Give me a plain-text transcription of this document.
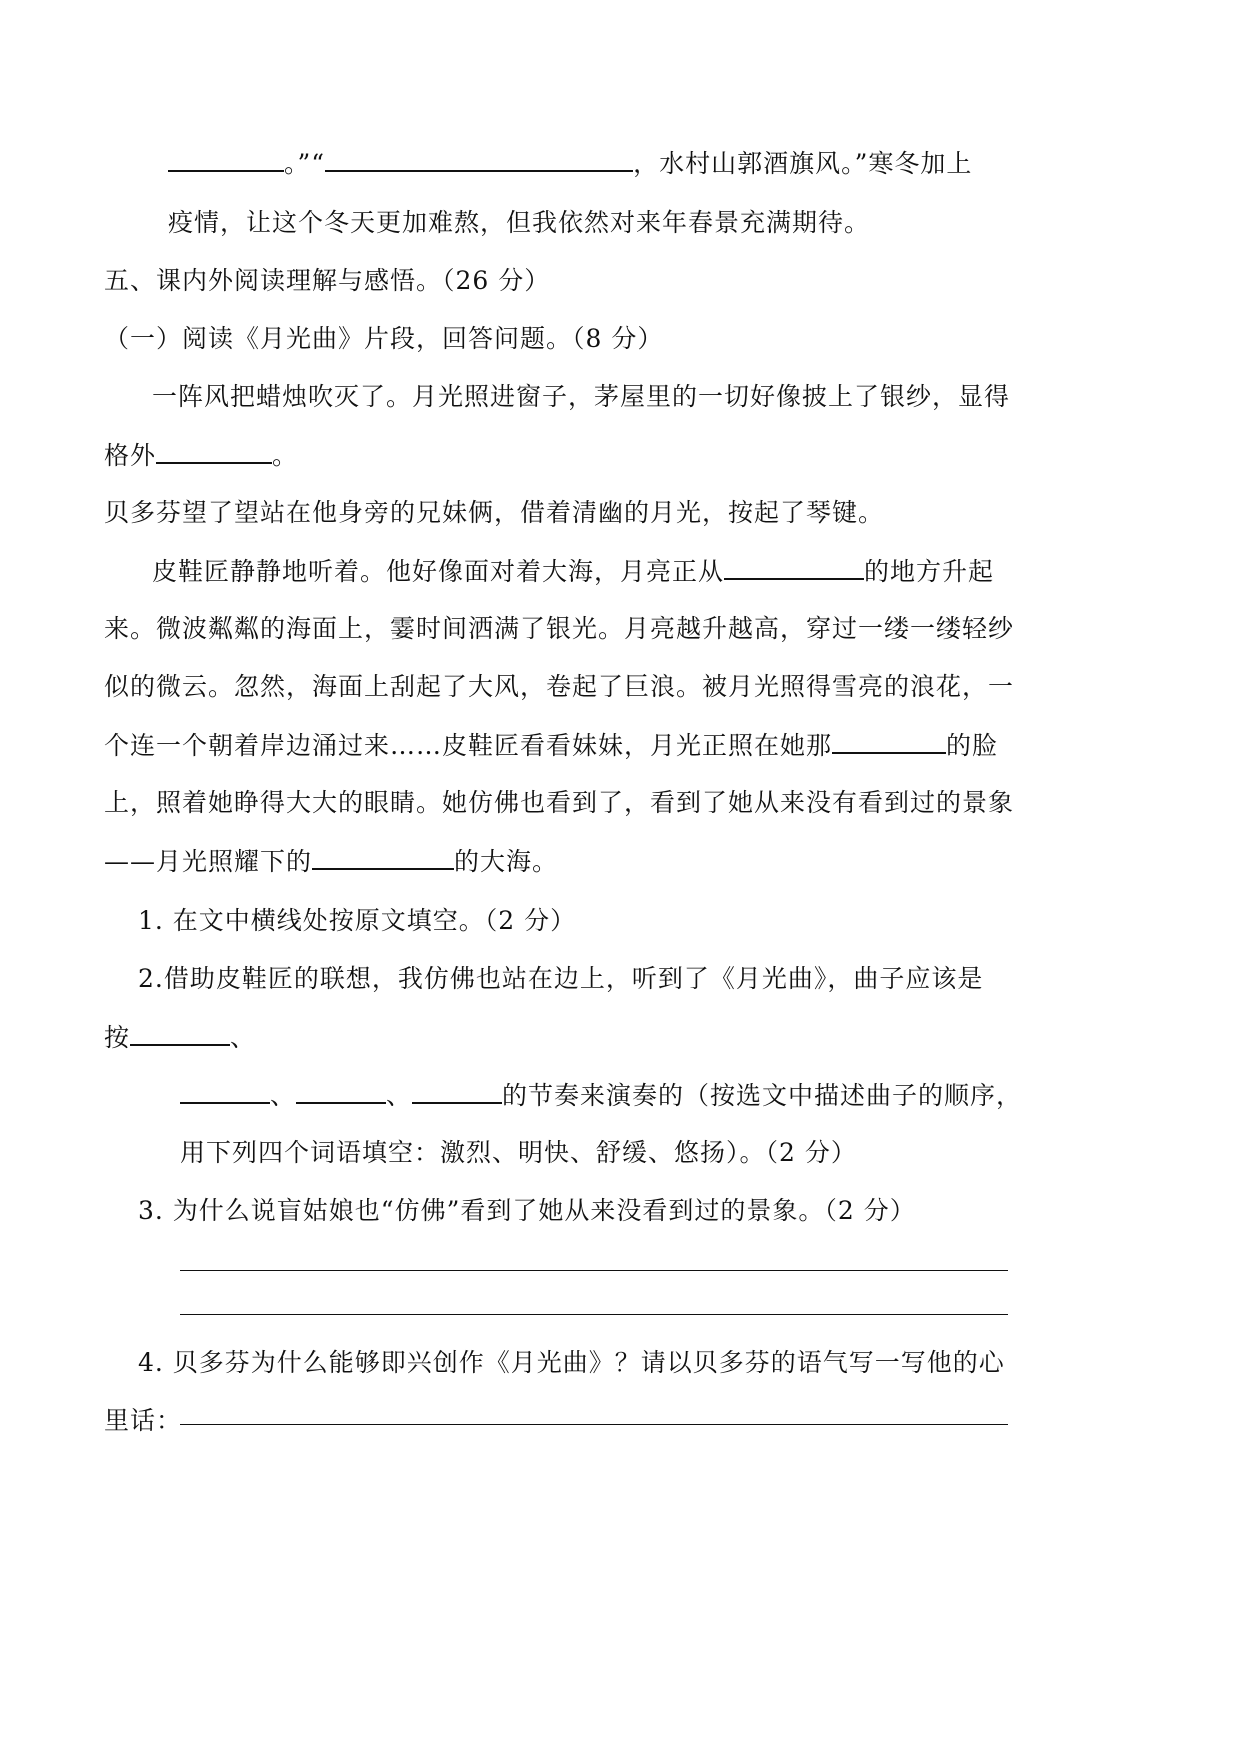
。”“	，水村山郭酒旗风。”寒冬加上
疫情，让这个冬天更加难熬，但我依然对来年春景充满期待。
五、课内外阅读理解与感悟。（26 分）
（一）阅读《月光曲》片段，回答问题。（8 分）
一阵风把蜡烛吹灭了。月光照进窗子，茅屋里的一切好像披上了银纱，显得
格外	。
贝多芬望了望站在他身旁的兄妹俩，借着清幽的月光，按起了琴键。
皮鞋匠静静地听着。他好像面对着大海，月亮正从	的地方升起
来。微波粼粼的海面上，霎时间洒满了银光。月亮越升越高，穿过一缕一缕轻纱
似的微云。忽然，海面上刮起了大风，卷起了巨浪。被月光照得雪亮的浪花，一
个连一个朝着岸边涌过来……皮鞋匠看看妹妹，月光正照在她那	的脸
上，照着她睁得大大的眼睛。她仿佛也看到了，看到了她从来没有看到过的景象
——月光照耀下的	的大海。
1. 在文中横线处按原文填空。（2 分）
2.借助皮鞋匠的联想，我仿佛也站在边上，听到了《月光曲》，曲子应该是
按	、
、	、	的节奏来演奏的（按选文中描述曲子的顺序，
用下列四个词语填空：激烈、明快、舒缓、悠扬）。（2 分）
3. 为什么说盲姑娘也“仿佛”看到了她从来没看到过的景象。（2 分）
4. 贝多芬为什么能够即兴创作《月光曲》？请以贝多芬的语气写一写他的心
里话：
